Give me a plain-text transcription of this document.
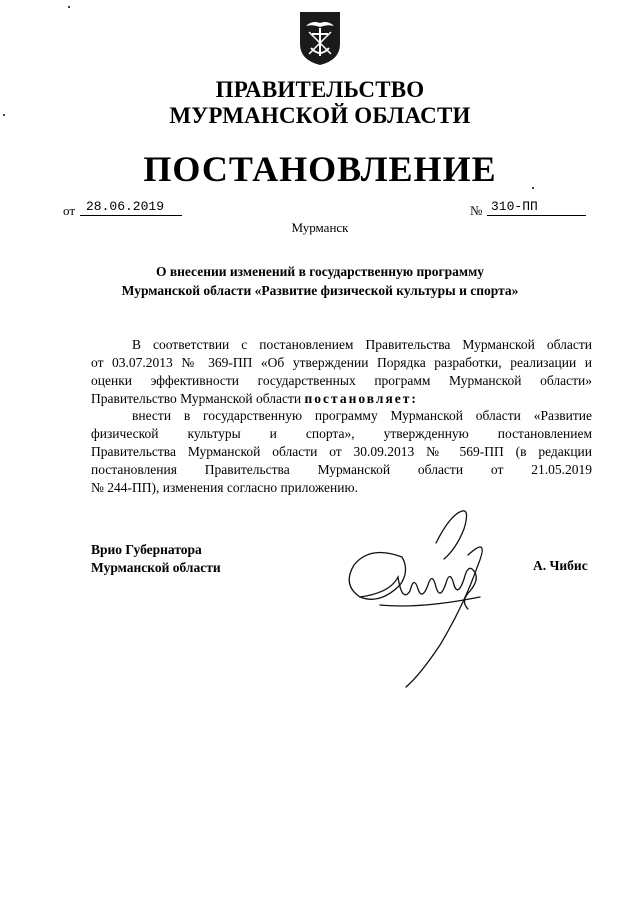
ПРАВИТЕЛЬСТВО
МУРМАНСКОЙ ОБЛАСТИ
ПОСТАНОВЛЕНИЕ
от 28.06.2019	№ 310-ПП
Мурманск
О внесении изменений в государственную программу
Мурманской области «Развитие физической культуры и спорта»
В соответствии с постановлением Правительства Мурманской области
от 03.07.2013 № 369-ПП «Об утверждении Порядка разработки, реализации и
оценки эффективности государственных программ Мурманской области»
Правительство Мурманской области постановляет:
внести в государственную программу Мурманской области «Развитие
физической культуры и спорта», утвержденную постановлением
Правительства Мурманской области от 30.09.2013 № 569-ПП (в редакции
постановления Правительства Мурманской области от 21.05.2019
№ 244-ПП), изменения согласно приложению.
Врио Губернатора
Мурманской области	А. Чибис
